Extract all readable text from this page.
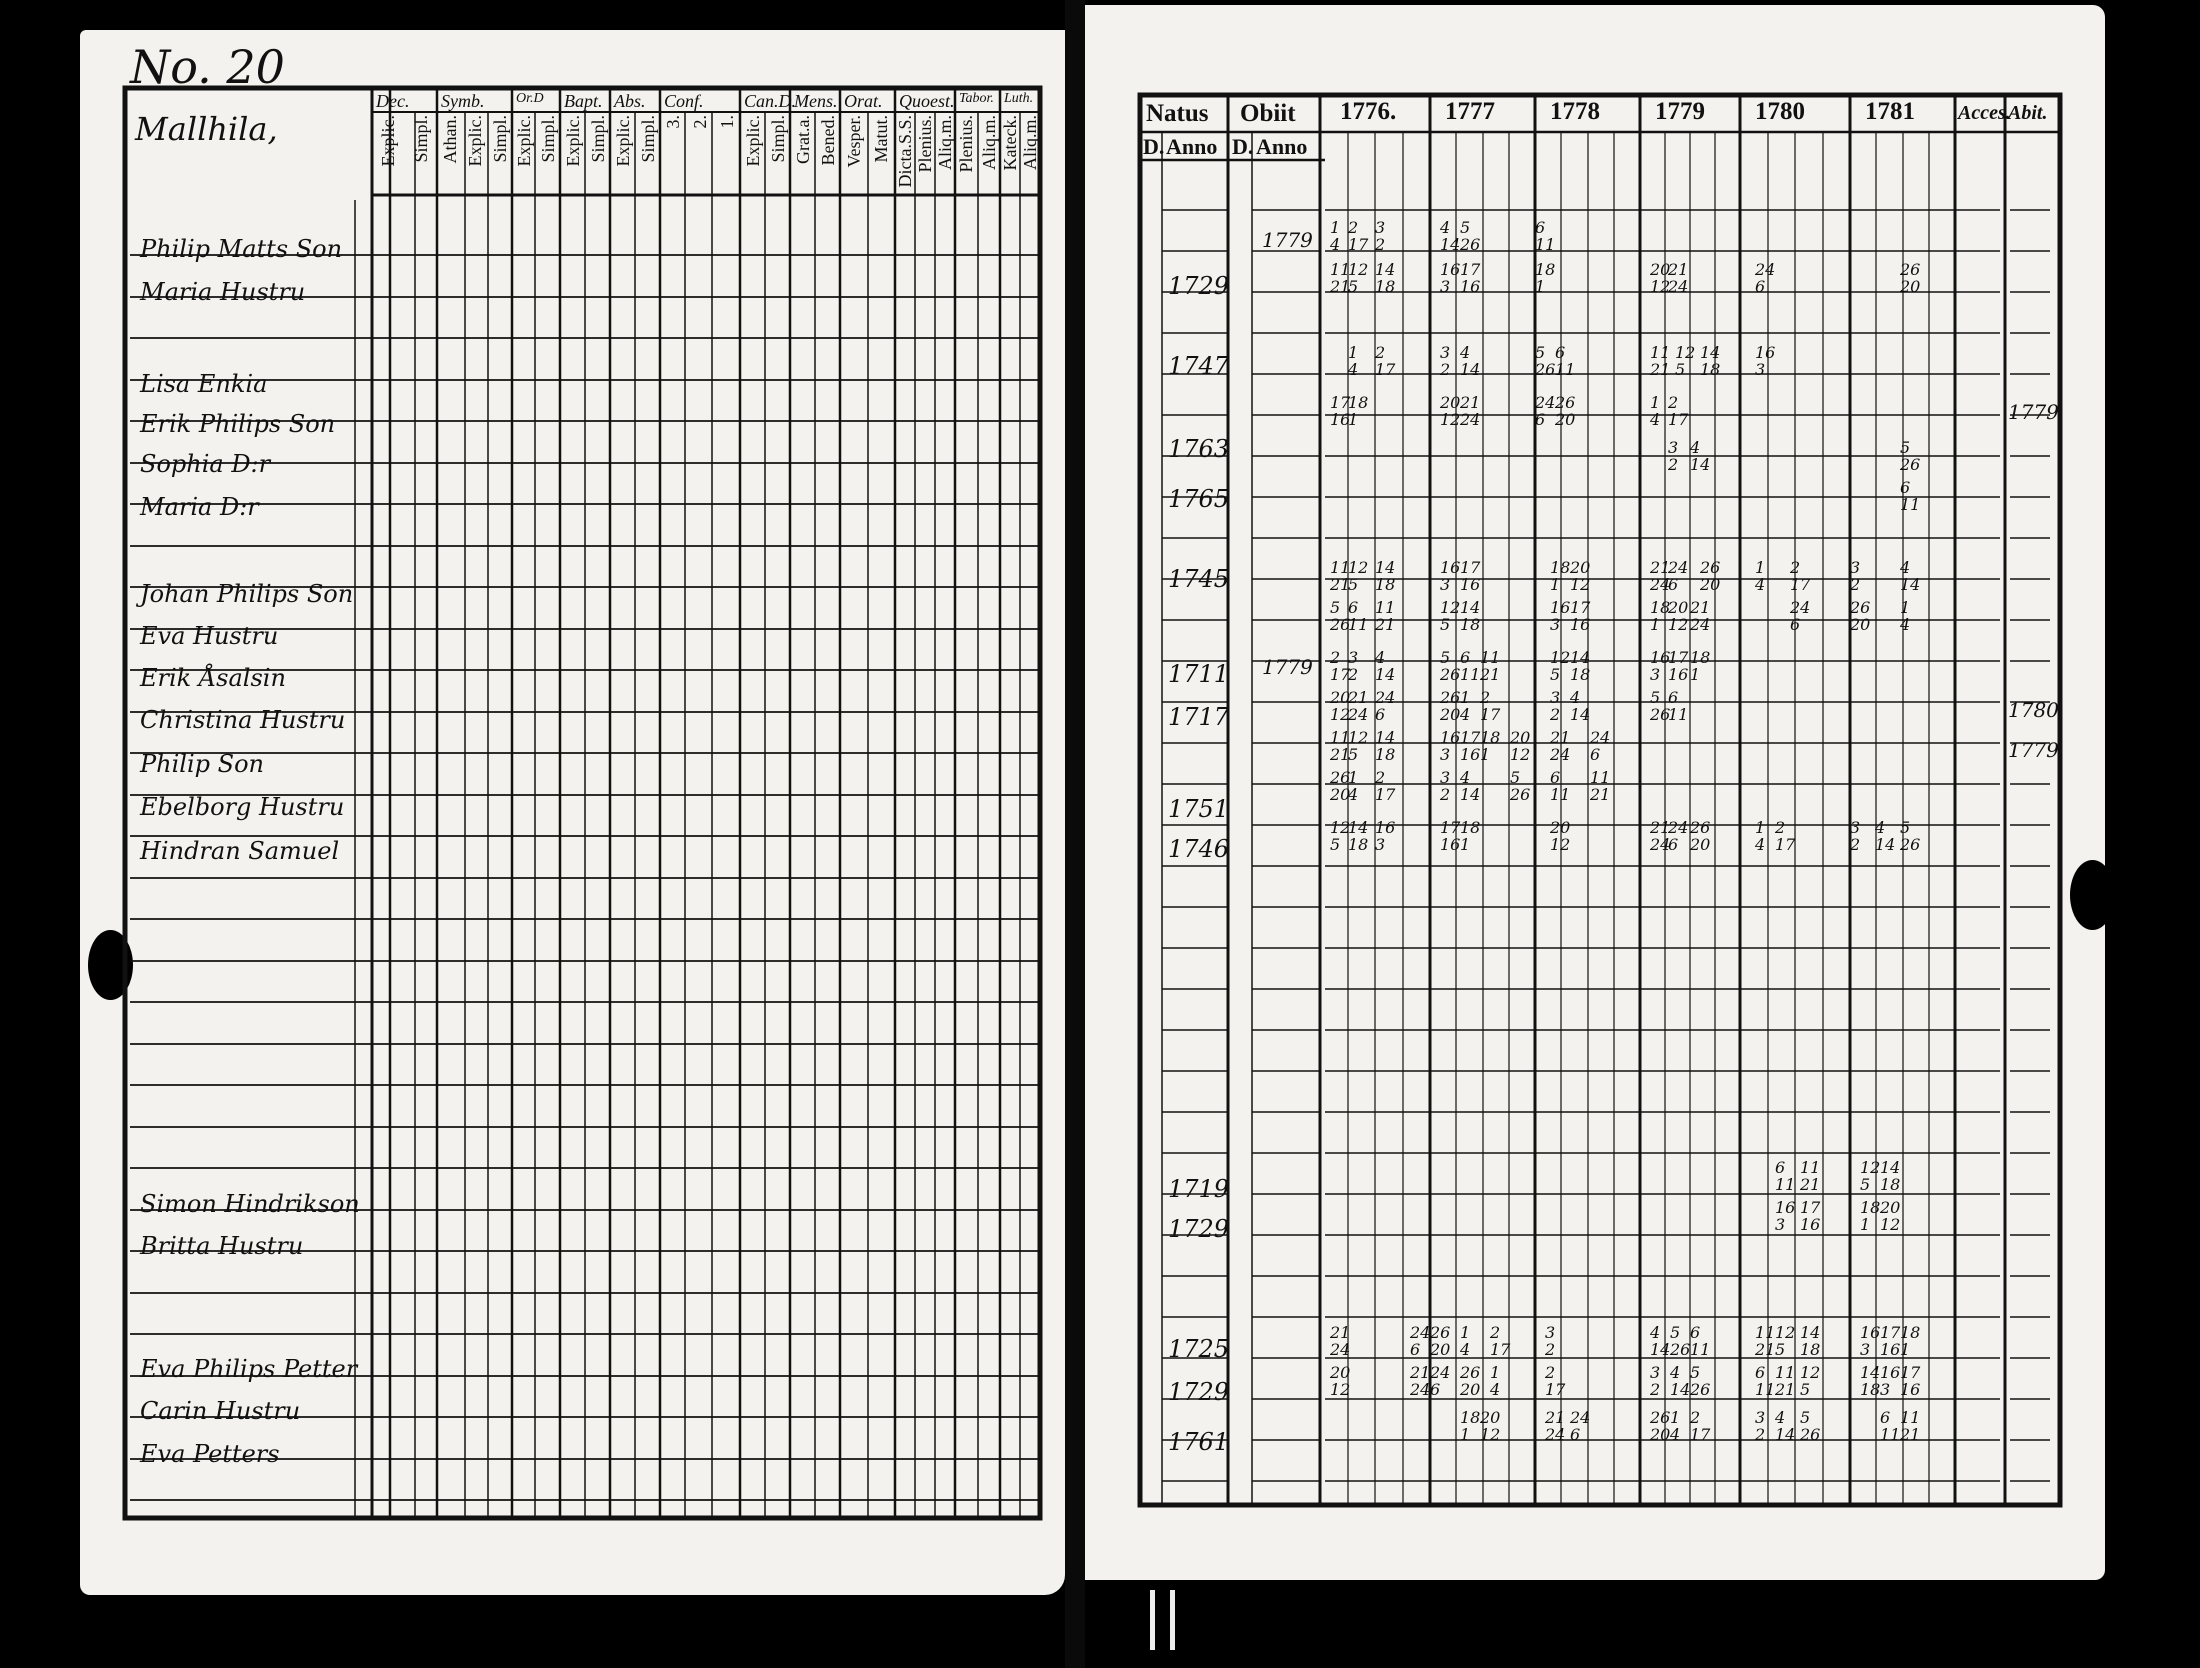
No. 20
Dec.
Explic. Simpl.
Symb.
Athan. Explic. Simpl.
Or.D
Explic. Simpl.
Bapt.
Explic. Simpl.
Abs.
Explic. Simpl.
Conf.
3. 2. 1.
Can.D.
Explic. Simpl.
Mens.
Grat.a. Bened.
Orat.
Vesper. Matut.
Quoest.
Dicta.S.S. Plenius. Aliq.m.
Tabor.
Plenius. Aliq.m.
Luth.
Kateck. Aliq.m.
Mallhila,
Philip Matts Son
Maria Hustru
Lisa Enkia
Erik Philips Son
Sophia D:r
Maria D:r
Johan Philips Son
Eva Hustru
Erik Åsalsin
Christina Hustru
Philip Son
Ebelborg Hustru
Hindran Samuel
Simon Hindrikson
Britta Hustru
Eva Philips Petter
Carin Hustru
Eva Petters
Natus Obiit
D. Anno D. Anno
1776. 1777 1778 1779 1780 1781 Acces.
Abit.
1729
1747
1763
1765
1745
1711
1717
1751
1746
1719
1729
1725
1729
1761
1779
1779
1779
1780
1779
1
4
2
17
3
2
4
14
5
26
6
11
11
21
12
5
14
18
16
3
17
16
18
1
20
12
21
24
24
6
26
20
1
4
2
17
3
2
4
14
5
26
6
11
11
21
12
5
14
18
16
3
17
16
18
1
20
12
21
24
24
6
26
20
1
4
2
17
3
2
4
14
5
26
6
11
11
21
12
5
14
18
16
3
17
16
18
1
20
12
21
24
24
6
26
20
1
4
2
17
3
2
4
14
5
26
6
11
11
21
12
5
14
18
16
3
17
16
18
1
20
12
21
24
24
6
26
20
1
4
2
17
3
2
4
14
5
26
6
11
11
21
12
5
14
18
16
3
17
16
18
1
20
12
21
24
24
6
26
20
1
4
2
17
3
2
4
14
5
26
6
11
11
21
12
5
14
18
16
3
17
16
18
1
20
12
21
24
24
6
26
20
1
4
2
17
3
2
4
14
5
26
6
11
11
21
12
5
14
18
16
3
17
16
18
1
20
12
21
24
24
6
26
20
1
4
2
17
3
2
4
14
5
26
6
11
11
21
12
5
14
18
16
3
17
16
18
1
20
12
21
24
24
6
26
20
1
4
2
17
3
2
4
14
5
26
6
11
11
21
12
5
14
18
16
3
17
16
18
1
20
12
21
24
24
6
26
20
1
4
2
17
3
2
4
14
5
26
6
11
11
21
12
5
14
18
16
3
17
16
18
1
20
12
21
24
24
6
26
20
1
4
2
17
3
2
4
14
5
26
6
11
11
21
